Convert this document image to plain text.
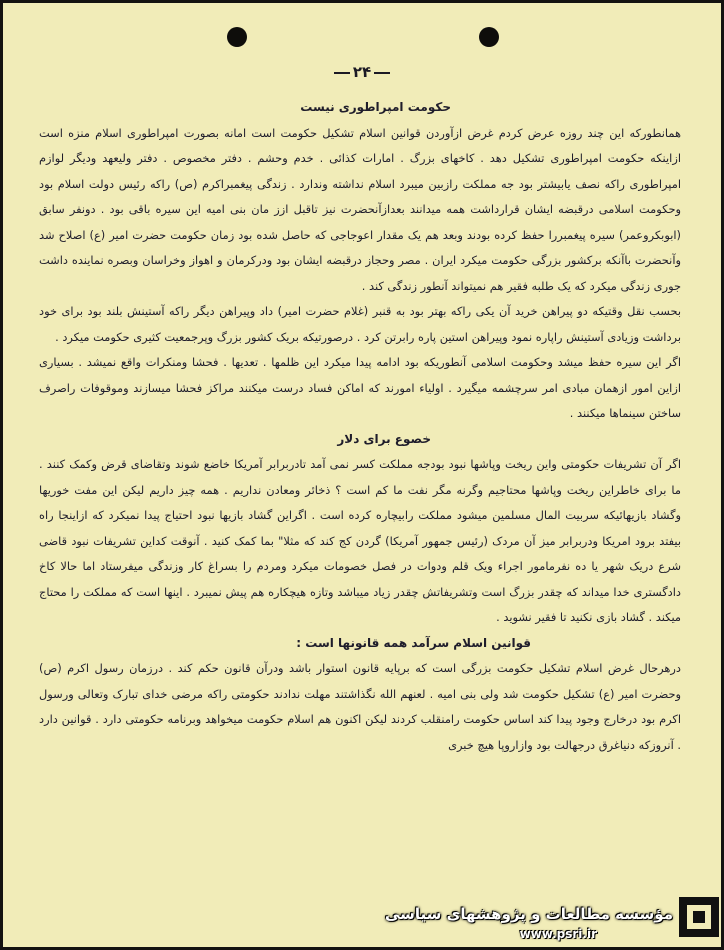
۲۴

حکومت امپراطوری نیست

همانطورکه این چند روزه عرض کردم غرض ازآوردن قوانین اسلام تشکیل حکومت است امانه بصورت امپراطوری اسلام منزه است ازاینکه حکومت امپراطوری تشکیل دهد . کاخهای بزرگ . امارات کذائی . خدم وحشم . دفتر مخصوص . دفتر ولیعهد ودیگر لوازم امپراطوری راکه نصف یابیشتر بود جه مملکت رازبین میبرد اسلام نداشته وندارد . زندگی پیغمبراکرم (ص) راکه رئیس دولت اسلام بود وحکومت اسلامی درقبضه ایشان قرارداشت همه میدانند بعدازآنحضرت نیز تاقبل ازز مان بنی امیه این سیره باقی بود . دونفر سابق (ابوبکروعمر) سیره پیغمبررا حفظ کرده بودند وبعد هم یک مقدار اعوجاجی که حاصل شده بود زمان حکومت حضرت امیر (ع) اصلاح شد وآنحضرت باآنکه برکشور بزرگی حکومت میکرد ایران . مصر وحجاز درقبضه ایشان بود ودرکرمان و اهواز وخراسان وبصره نماینده داشت جوری زندگی میکرد که یک طلبه فقیر هم نمیتواند آنطور زندگی کند .

بحسب نقل وقتیکه دو پیراهن خرید آن یکی راکه بهتر بود به قنبر (غلام حضرت امیر) داد وپیراهن دیگر راکه آستینش بلند بود برای خود برداشت وزیادی آستینش راپاره نمود وپیراهن استین پاره رابرتن کرد . درصورتیکه بریک کشور بزرگ وپرجمعیت کثیری حکومت میکرد .

اگر این سیره حفظ میشد وحکومت اسلامی آنطوریکه بود ادامه پیدا میکرد این ظلمها . تعدیها . فحشا ومنکرات واقع نمیشد . بسیاری ازاین امور ازهمان مبادی امر سرچشمه میگیرد . اولیاء امورند که اماکن فساد درست میکنند مراکز فحشا میسازند وموقوفات راصرف ساختن سینماها میکنند .

خصوع برای دلار

اگر آن تشریفات حکومتی واین ریخت وپاشها نبود بودجه مملکت کسر نمی آمد تادربرابر آمریکا خاضع شوند وتقاضای قرض وکمک کنند . ما برای خاطراین ریخت وپاشها محتاجیم وگرنه مگر نفت ما کم است ؟ ذخائر ومعادن نداریم . همه چیز داریم لیکن این مفت خوریها وگشاد بازیهائیکه سربیت المال مسلمین میشود مملکت رابیچاره کرده است . اگراین گشاد بازیها نبود احتیاج پیدا نمیکرد که ازاینجا راه بیفتد برود امریکا ودربرابر میز آن مردک (رئیس جمهور آمریکا) گردن کج کند که مثلا" بما کمک کنید . آنوقت کداین تشریفات نبود قاضی شرع دریک شهر یا ده نفرمامور اجراء ویک قلم ودوات در فصل خصومات میکرد ومردم را بسراغ کار وزندگی میفرستاد اما حالا کاخ دادگستری خدا میداند که چقدر بزرگ است وتشریفاتش چقدر زیاد میباشد وتازه هیچکاره هم پیش نمیبرد . اینها است که مملکت را محتاج میکند . گشاد بازی نکنید تا فقیر نشوید .

قوانین اسلام سرآمد همه قانونها است :

درهرحال غرض اسلام تشکیل حکومت بزرگی است که برپایه قانون استوار باشد ودرآن قانون حکم کند . درزمان رسول اکرم (ص) وحضرت امیر (ع) تشکیل حکومت شد ولی بنی امیه . لعنهم الله نگذاشتند مهلت ندادند حکومتی راکه مرضی خدای تبارک وتعالی ورسول اکرم بود درخارج وجود پیدا کند اساس حکومت رامنقلب کردند لیکن اکنون هم اسلام حکومت میخواهد وبرنامه حکومتی دارد . قوانین دارد . آنروزکه دنیاغرق درجهالت بود وازاروپا هیچ خبری

مؤسسه مطالعات و پژوهشهای سیاسی
www.psri.ir
